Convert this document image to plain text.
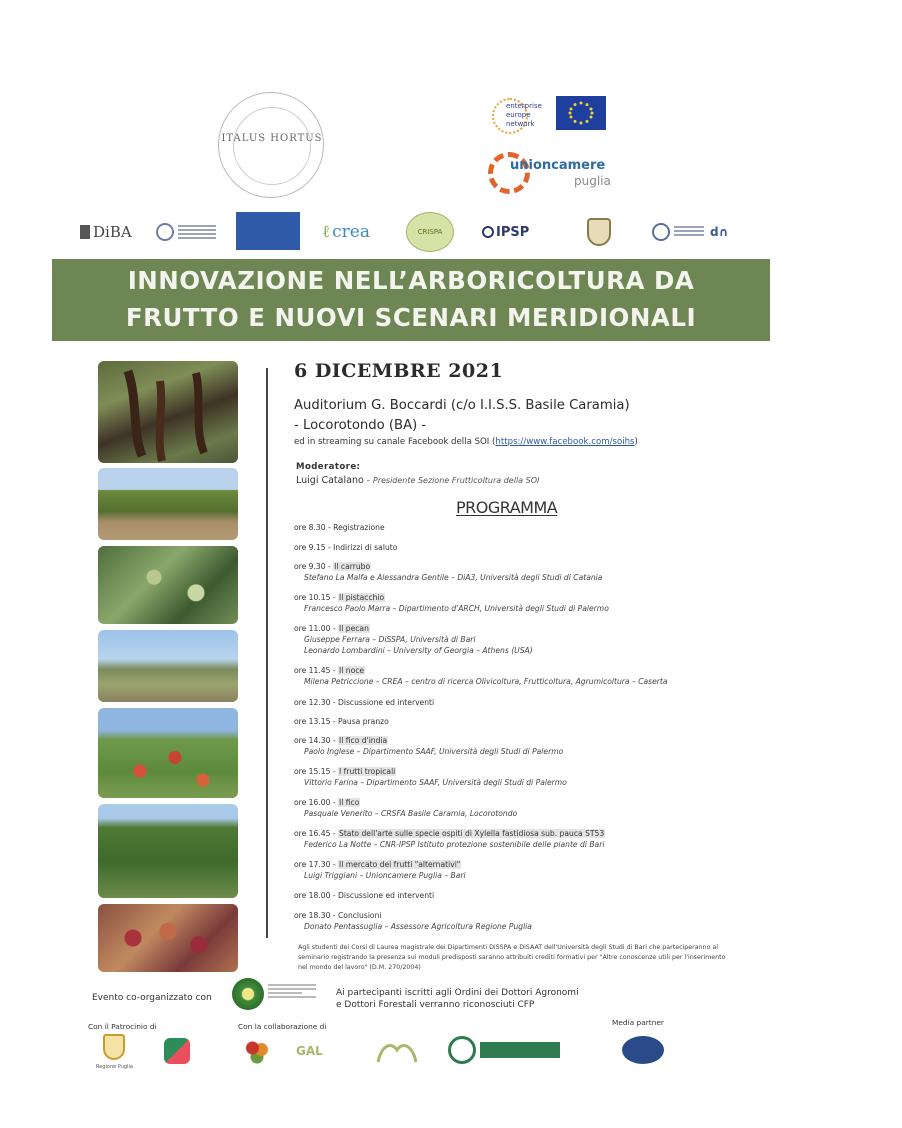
ITALUS HORTUS
enterprise
europe
network
unioncamere
puglia
DiBA	ℓ crea	CRISPA	IPSP	d∩
INNOVAZIONE NELL’ARBORICOLTURA DA
FRUTTO E NUOVI SCENARI MERIDIONALI
6 DICEMBRE 2021
Auditorium G. Boccardi (c/o I.I.S.S. Basile Caramia)
- Locorotondo (BA) -
ed in streaming su canale Facebook della SOI (https://www.facebook.com/soihs)
Moderatore:
Luigi Catalano – Presidente Sezione Frutticoltura della SOI
PROGRAMMA
ore 8.30 - Registrazione
ore 9.15 - Indirizzi di saluto
ore 9.30 - Il carrubo
Stefano La Malfa e Alessandra Gentile – DiA3, Università degli Studi di Catania
ore 10.15 - Il pistacchio
Francesco Paolo Marra – Dipartimento d'ARCH, Università degli Studi di Palermo
ore 11.00 - Il pecan
Giuseppe Ferrara – DiSSPA, Università di Bari
Leonardo Lombardini – University of Georgia – Athens (USA)
ore 11.45 - Il noce
Milena Petriccione – CREA – centro di ricerca Olivicoltura, Frutticoltura, Agrumicoltura – Caserta
ore 12.30 - Discussione ed interventi
ore 13.15 - Pausa pranzo
ore 14.30 - Il fico d'india
Paolo Inglese – Dipartimento SAAF, Università degli Studi di Palermo
ore 15.15 - I frutti tropicali
Vittorio Farina – Dipartimento SAAF, Università degli Studi di Palermo
ore 16.00 - Il fico
Pasquale Venerito – CRSFA Basile Caramia, Locorotondo
ore 16.45 - Stato dell'arte sulle specie ospiti di Xylella fastidiosa sub. pauca ST53
Federico La Notte – CNR-IPSP Istituto protezione sostenibile delle piante di Bari
ore 17.30 - Il mercato dei frutti "alternativi"
Luigi Triggiani – Unioncamere Puglia – Bari
ore 18.00 - Discussione ed interventi
ore 18.30 - Conclusioni
Donato Pentassuglia – Assessore Agricoltura Regione Puglia
Agli studenti dei Corsi di Laurea magistrale dei Dipartimenti DiSSPA e DiSAAT dell'Università degli Studi di Bari che parteciperanno al seminario registrando la presenza sui moduli predisposti saranno attribuiti crediti formativi per "Altre conoscenze utili per l'inserimento nel mondo del lavoro" (D.M. 270/2004)
Evento co-organizzato con	Ai partecipanti iscritti agli Ordini dei Dottori Agronomi
e Dottori Forestali verranno riconosciuti CFP
Con il Patrocinio di
Regione Puglia
Con la collaborazione di
GAL
Media partner
